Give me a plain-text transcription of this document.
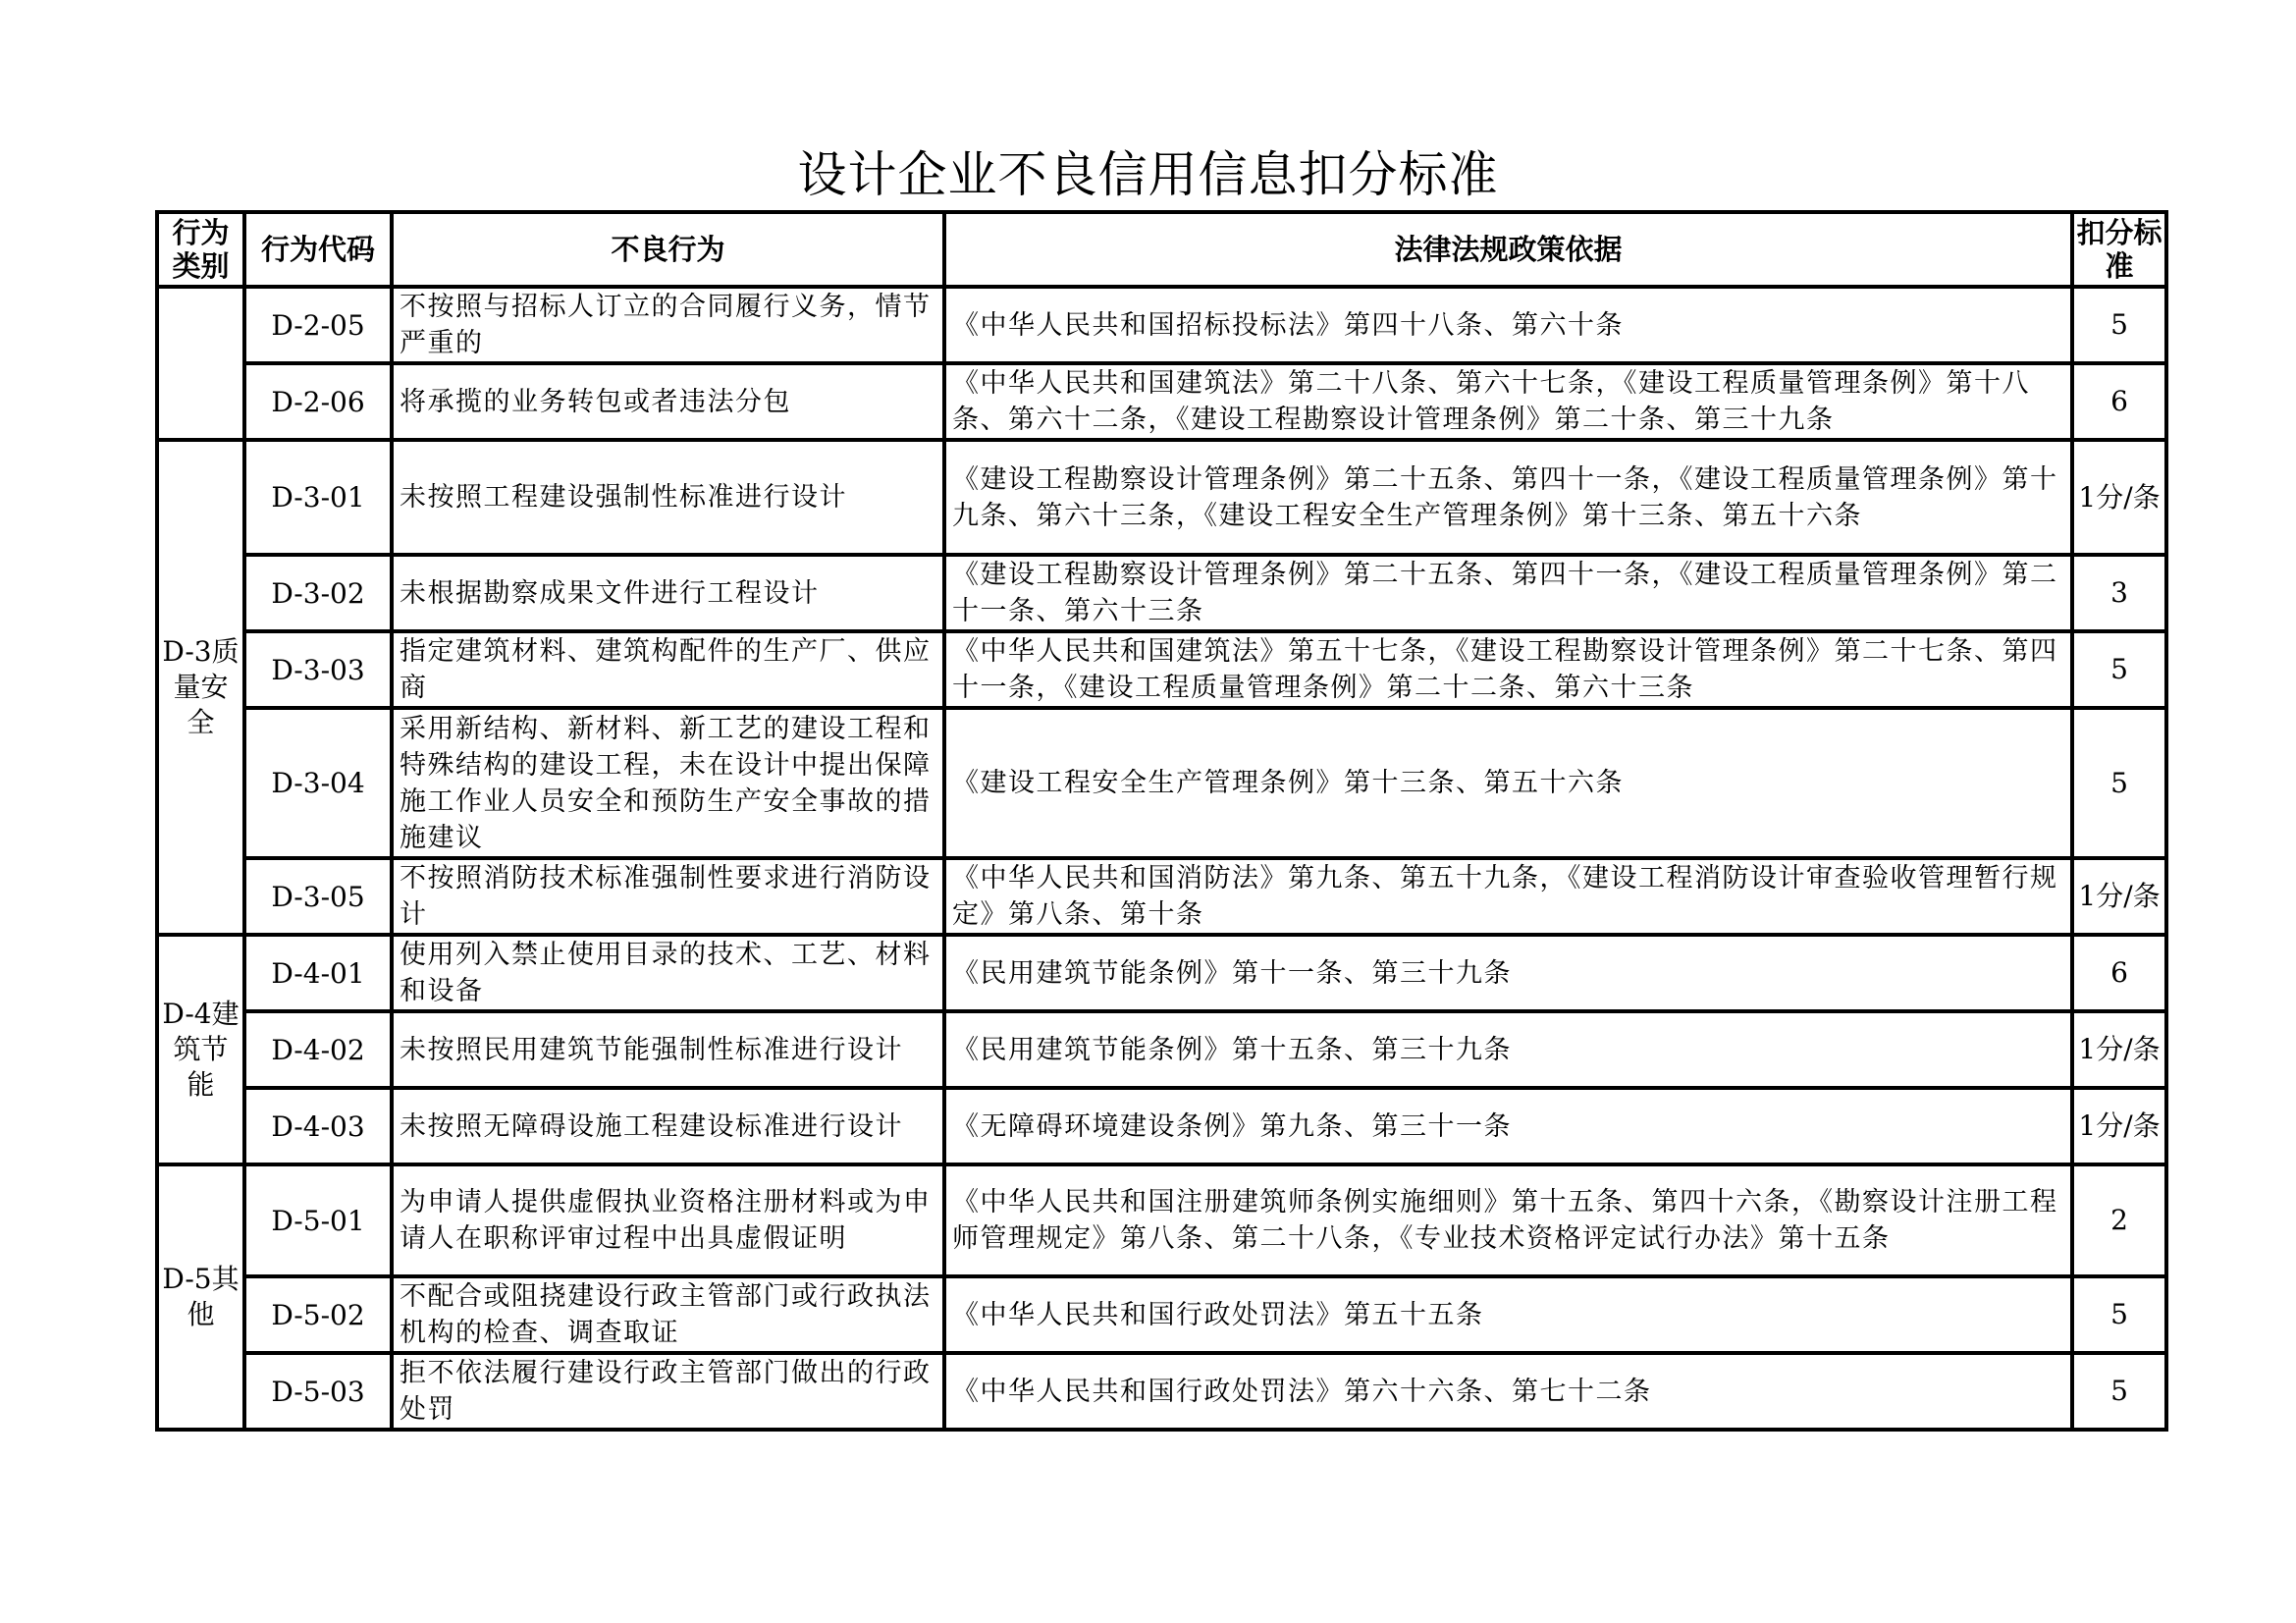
设计企业不良信用信息扣分标准
行为类别	行为代码	不良行为	法律法规政策依据	扣分标准
	D-2-05	不按照与招标人订立的合同履行义务，情节严重的	《中华人民共和国招标投标法》第四十八条、第六十条	5
	D-2-06	将承揽的业务转包或者违法分包	《中华人民共和国建筑法》第二十八条、第六十七条，《建设工程质量管理条例》第十八条、第六十二条，《建设工程勘察设计管理条例》第二十条、第三十九条	6
D-3质量安全	D-3-01	未按照工程建设强制性标准进行设计	《建设工程勘察设计管理条例》第二十五条、第四十一条，《建设工程质量管理条例》第十九条、第六十三条，《建设工程安全生产管理条例》第十三条、第五十六条	1分/条
	D-3-02	未根据勘察成果文件进行工程设计	《建设工程勘察设计管理条例》第二十五条、第四十一条，《建设工程质量管理条例》第二十一条、第六十三条	3
	D-3-03	指定建筑材料、建筑构配件的生产厂、供应商	《中华人民共和国建筑法》第五十七条，《建设工程勘察设计管理条例》第二十七条、第四十一条，《建设工程质量管理条例》第二十二条、第六十三条	5
	D-3-04	采用新结构、新材料、新工艺的建设工程和特殊结构的建设工程，未在设计中提出保障施工作业人员安全和预防生产安全事故的措施建议	《建设工程安全生产管理条例》第十三条、第五十六条	5
	D-3-05	不按照消防技术标准强制性要求进行消防设计	《中华人民共和国消防法》第九条、第五十九条，《建设工程消防设计审查验收管理暂行规定》第八条、第十条	1分/条
D-4建筑节能	D-4-01	使用列入禁止使用目录的技术、工艺、材料和设备	《民用建筑节能条例》第十一条、第三十九条	6
	D-4-02	未按照民用建筑节能强制性标准进行设计	《民用建筑节能条例》第十五条、第三十九条	1分/条
	D-4-03	未按照无障碍设施工程建设标准进行设计	《无障碍环境建设条例》第九条、第三十一条	1分/条
D-5其他	D-5-01	为申请人提供虚假执业资格注册材料或为申请人在职称评审过程中出具虚假证明	《中华人民共和国注册建筑师条例实施细则》第十五条、第四十六条，《勘察设计注册工程师管理规定》第八条、第二十八条，《专业技术资格评定试行办法》第十五条	2
	D-5-02	不配合或阻挠建设行政主管部门或行政执法机构的检查、调查取证	《中华人民共和国行政处罚法》第五十五条	5
	D-5-03	拒不依法履行建设行政主管部门做出的行政处罚	《中华人民共和国行政处罚法》第六十六条、第七十二条	5
